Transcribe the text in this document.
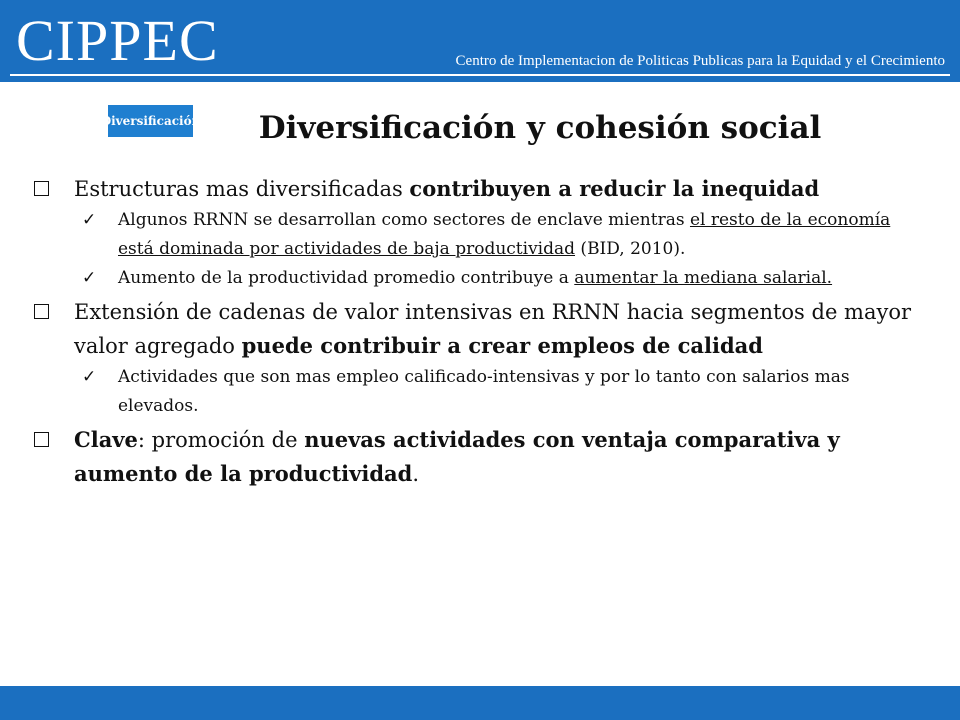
CIPPEC	Centro de Implementacion de Politicas Publicas para la Equidad y el Crecimiento
Diversificación	Diversificación y cohesión social
Estructuras mas diversificadas contribuyen a reducir la inequidad
✓ Algunos RRNN se desarrollan como sectores de enclave mientras el resto de la economía está dominada por actividades de baja productividad (BID, 2010).
✓ Aumento de la productividad promedio contribuye a aumentar la mediana salarial.
Extensión de cadenas de valor intensivas en RRNN hacia segmentos de mayor valor agregado puede contribuir a crear empleos de calidad
✓ Actividades que son mas empleo calificado-intensivas y por lo tanto con salarios mas elevados.
Clave: promoción de nuevas actividades con ventaja comparativa y aumento de la productividad.
